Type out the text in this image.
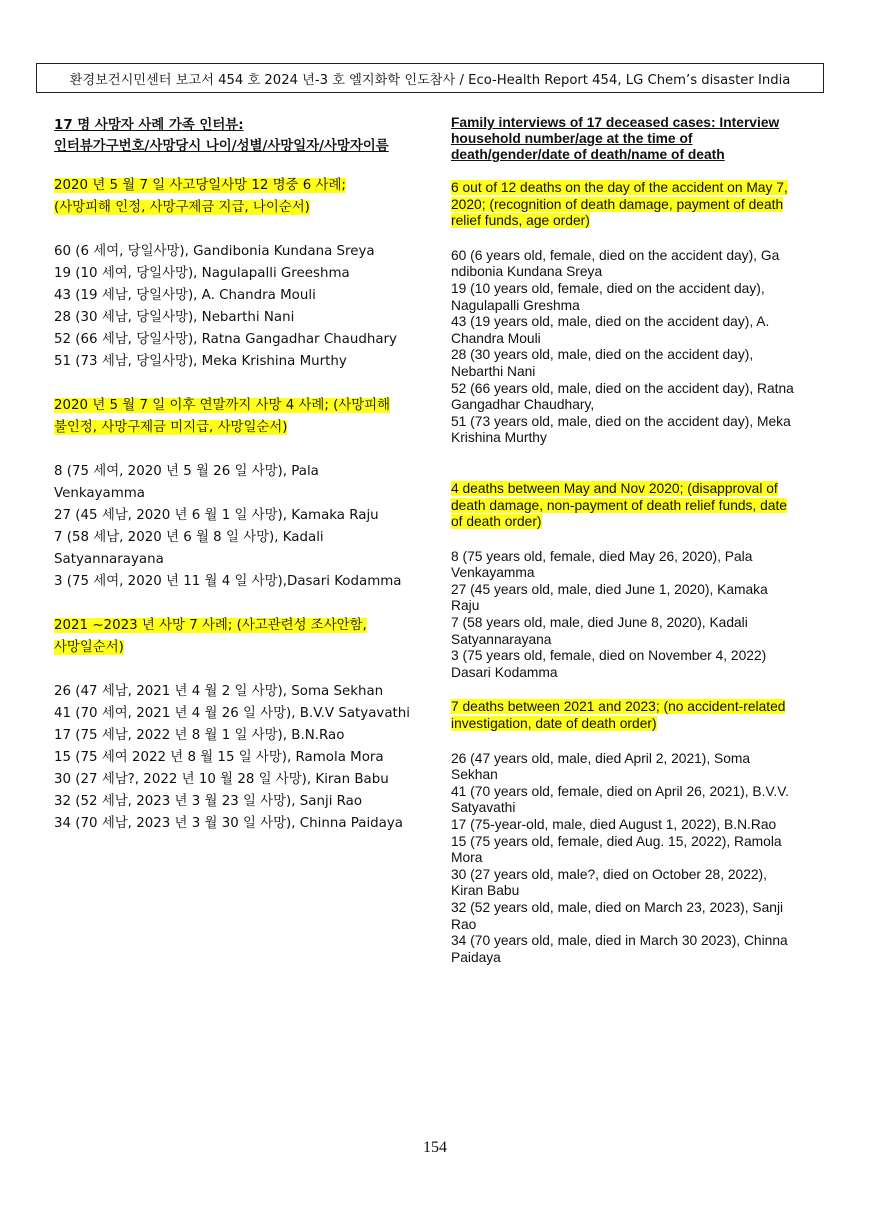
환경보건시민센터 보고서 454 호 2024 년-3 호 엘지화학 인도참사 / Eco-Health Report 454, LG Chem’s disaster India
17 명 사망자 사례 가족 인터뷰:
인터뷰가구번호/사망당시 나이/성별/사망일자/사망자이름
2020 년 5 월 7 일 사고당일사망 12 명중 6 사례;
(사망피해 인정, 사망구제금 지급, 나이순서)
60 (6 세여, 당일사망), Gandibonia Kundana Sreya
19 (10 세여, 당일사망), Nagulapalli Greeshma
43 (19 세남, 당일사망), A. Chandra Mouli
28 (30 세남, 당일사망), Nebarthi Nani
52 (66 세남, 당일사망), Ratna Gangadhar Chaudhary
51 (73 세남, 당일사망), Meka Krishina Murthy
2020 년 5 월 7 일 이후 연말까지 사망 4 사례; (사망피해
불인정, 사망구제금 미지급, 사망일순서)
8 (75 세여, 2020 년 5 월 26 일 사망), Pala
Venkayamma
27 (45 세남, 2020 년 6 월 1 일 사망), Kamaka Raju
7 (58 세남, 2020 년 6 월 8 일 사망), Kadali
Satyannarayana
3 (75 세여, 2020 년 11 월 4 일 사망),Dasari Kodamma
2021 ~2023 년 사망 7 사례; (사고관련성 조사안함,
사망일순서)
26 (47 세남, 2021 년 4 월 2 일 사망), Soma Sekhan
41 (70 세여, 2021 년 4 월 26 일 사망), B.V.V Satyavathi
17 (75 세남, 2022 년 8 월 1 일 사망), B.N.Rao
15 (75 세여 2022 년 8 월 15 일 사망), Ramola Mora
30 (27 세남?, 2022 년 10 월 28 일 사망), Kiran Babu
32 (52 세남, 2023 년 3 월 23 일 사망), Sanji Rao
34 (70 세남, 2023 년 3 월 30 일 사망), Chinna Paidaya
Family interviews of 17 deceased cases: Interview
household number/age at the time of
death/gender/date of death/name of death
6 out of 12 deaths on the day of the accident on May 7,
2020; (recognition of death damage, payment of death
relief funds, age order)
60 (6 years old, female, died on the accident day), Ga
ndibonia Kundana Sreya
19 (10 years old, female, died on the accident day),
Nagulapalli Greshma
43 (19 years old, male, died on the accident day), A.
Chandra Mouli
28 (30 years old, male, died on the accident day),
Nebarthi Nani
52 (66 years old, male, died on the accident day), Ratna
Gangadhar Chaudhary,
51 (73 years old, male, died on the accident day), Meka
Krishina Murthy
4 deaths between May and Nov 2020; (disapproval of
death damage, non-payment of death relief funds, date
of death order)
8 (75 years old, female, died May 26, 2020), Pala
Venkayamma
27 (45 years old, male, died June 1, 2020), Kamaka
Raju
7 (58 years old, male, died June 8, 2020), Kadali
Satyannarayana
3 (75 years old, female, died on November 4, 2022)
Dasari Kodamma
7 deaths between 2021 and 2023; (no accident-related
investigation, date of death order)
26 (47 years old, male, died April 2, 2021), Soma
Sekhan
41 (70 years old, female, died on April 26, 2021), B.V.V.
Satyavathi
17 (75-year-old, male, died August 1, 2022), B.N.Rao
15 (75 years old, female, died Aug. 15, 2022), Ramola
Mora
30 (27 years old, male?, died on October 28, 2022),
Kiran Babu
32 (52 years old, male, died on March 23, 2023), Sanji
Rao
34 (70 years old, male, died in March 30 2023), Chinna
Paidaya
154
